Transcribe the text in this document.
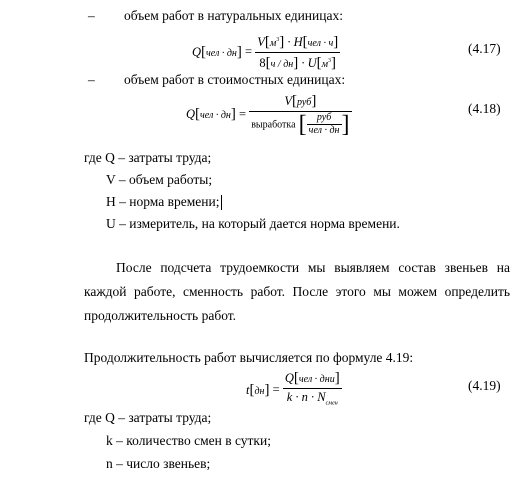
– объем работ в натуральных единицах:
$Q[чел \cdot дн] = \frac{V[м^3] \cdot H[чел \cdot ч]}{8[ч / дн] \cdot U[м^3]}$	(4.17)
– объем работ в стоимостных единицах:
$Q[чел \cdot дн] = \frac{\text{V[руб]}}{выработка [ \frac{\text{руб}}{\text{чел · дн}} ]}$	(4.18)
где Q – затраты труда;
V – объем работы;
H – норма времени;
U – измеритель, на который дается норма времени.
После подсчета трудоемкости мы выявляем состав звеньев на каждой работе, сменность работ. После этого мы можем определить продолжительность работ.
Продолжительность работ вычисляется по формуле 4.19:
$t[дн] = \frac{\text{Q[чел · дни]}}{k \cdot n \cdot N_{смен}}$	(4.19)
где Q – затраты труда;
k – количество смен в сутки;
n – число звеньев;
